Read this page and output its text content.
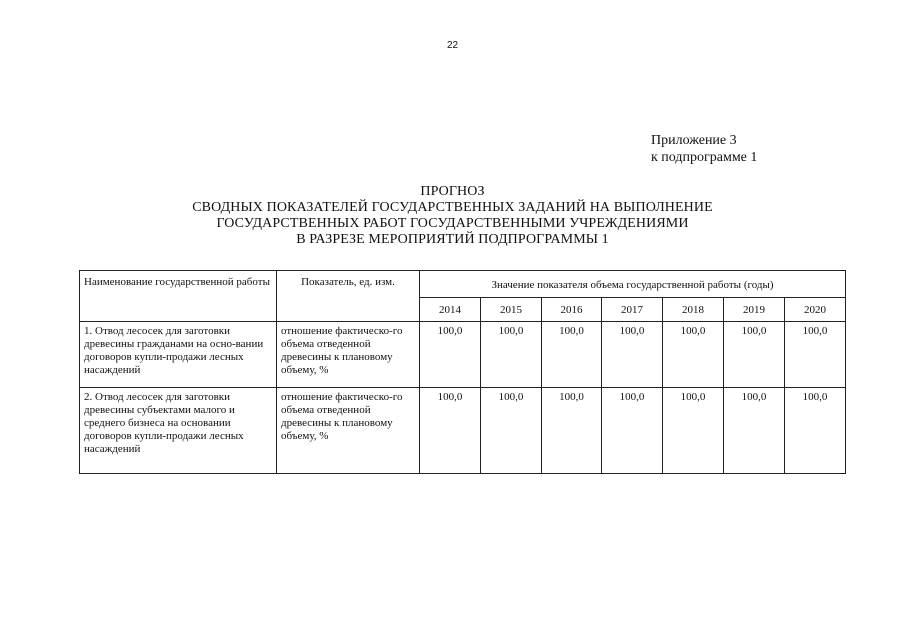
22
Приложение 3
к подпрограмме 1
ПРОГНОЗ
СВОДНЫХ ПОКАЗАТЕЛЕЙ ГОСУДАРСТВЕННЫХ ЗАДАНИЙ НА ВЫПОЛНЕНИЕ
ГОСУДАРСТВЕННЫХ РАБОТ ГОСУДАРСТВЕННЫМИ УЧРЕЖДЕНИЯМИ
В РАЗРЕЗЕ МЕРОПРИЯТИЙ ПОДПРОГРАММЫ 1
Наименование государственной работы	Показатель, ед. изм.	Значение показателя объема государственной работы (годы)						
		2014	2015	2016	2017	2018	2019	2020
1. Отвод лесосек для заготовки древесины гражданами на осно-вании договоров купли-продажи лесных насаждений	отношение фактическо-го объема отведенной древесины к плановому объему, %	100,0	100,0	100,0	100,0	100,0	100,0	100,0
2. Отвод лесосек для заготовки древесины субъектами малого и среднего бизнеса на основании договоров купли-продажи лесных насаждений	отношение фактическо-го объема отведенной древесины к плановому объему, %	100,0	100,0	100,0	100,0	100,0	100,0	100,0
